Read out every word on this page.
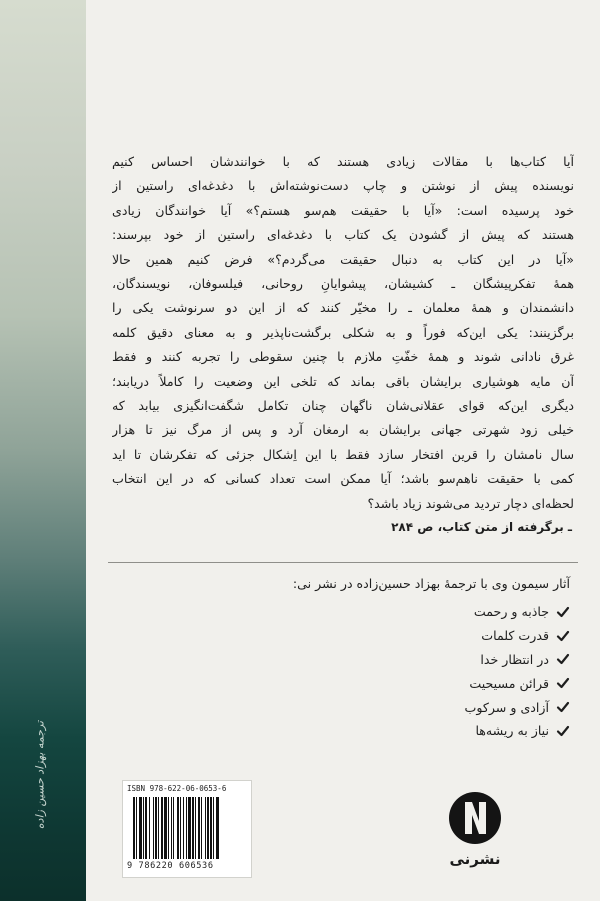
ترجمه بهزاد حسین زاده
آیا کتاب‌ها با مقالات زیادی هستند که با خوانندشان احساس کنیم
نویسنده پیش از نوشتن و چاپ دست‌نوشته‌اش با دغدغه‌ای راستین از
خود پرسیده است: «آیا با حقیقت هم‌سو هستم؟» آیا خوانندگان زیادی
هستند که پیش از گشودن یک کتاب با دغدغه‌ای راستین از خود بپرسند:
«آیا در این کتاب به دنبال حقیقت می‌گردم؟» فرض کنیم همین حالا
همهٔ تفکرپیشگان ـ کشیشان، پیشوایانِ روحانی، فیلسوفان، نویسندگان،
دانشمندان و همهٔ معلمان ـ را مخیّر کنند که از این دو سرنوشت یکی را
برگزینند: یکی این‌که فوراً و به شکلی برگشت‌ناپذیر و به معنای دقیق کلمه
غرق نادانی شوند و همهٔ خفّتِ ملازم با چنین سقوطی را تجربه کنند و فقط
آن مایه هوشیاری برایشان باقی بماند که تلخی این وضعیت را کاملاً دریابند؛
دیگری این‌که قوای عقلانی‌شان ناگهان چنان تکامل شگفت‌انگیزی بیابد که
خیلی زود شهرتی جهانی برایشان به ارمغان آرد و پس از مرگ نیز تا هزار
سال نامشان را قرین افتخار سازد فقط با این اِشکال جزئی که تفکرشان تا اید
کمی با حقیقت ناهم‌سو باشد؛ آیا ممکن است تعداد کسانی که در این انتخاب
لحظه‌ای دچار تردید می‌شوند زیاد باشد؟
ـ برگرفته از متن کتاب، ص ۲۸۴
آثار سیمون وی با ترجمهٔ بهزاد حسین‌زاده در نشر نی:
جاذبه و رحمت
قدرت کلمات
در انتظار خدا
قرائن مسیحیت
آزادی و سرکوب
نیاز به ریشه‌ها
ISBN 978-622-06-0653-6
9 786220 606536	نشرنی
